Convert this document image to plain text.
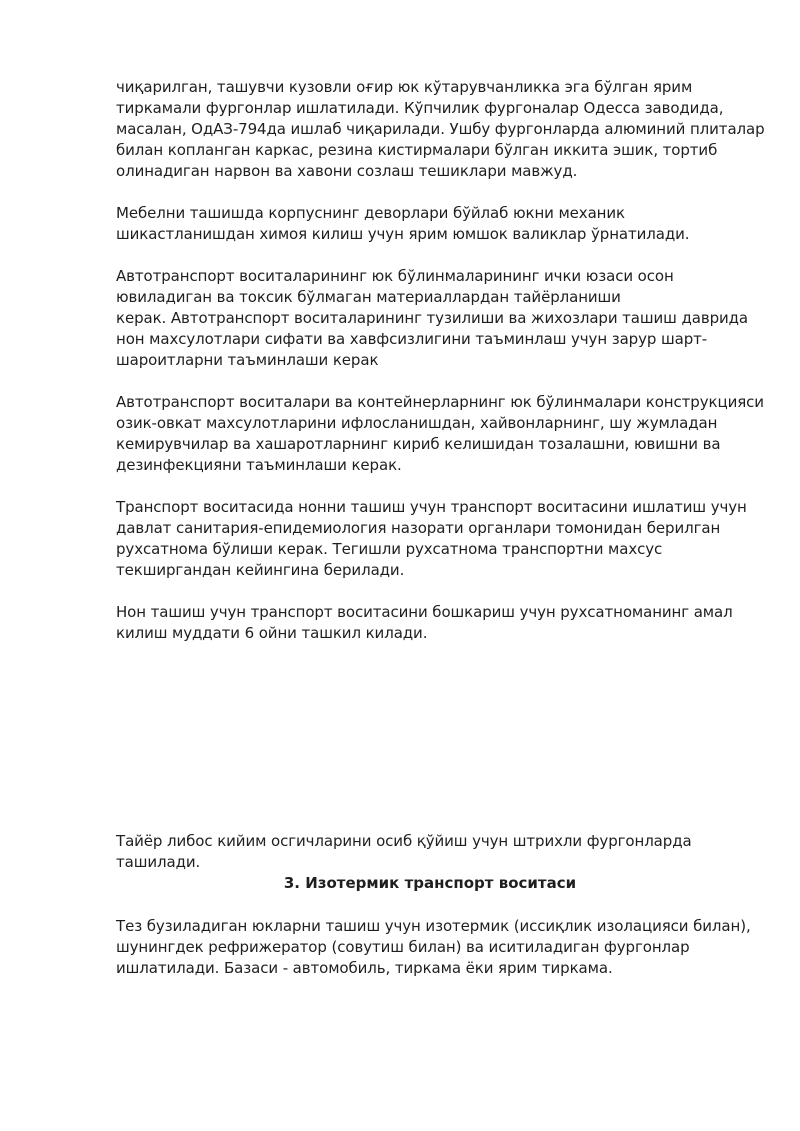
чиқарилган, ташувчи кузовли оғир юк кўтарувчанликка эга бўлган ярим
тиркамали фургонлар ишлатилади. Кўпчилик фургоналар Одесса заводида,
масалан, ОдАЗ-794да ишлаб чиқарилади. Ушбу фургонларда алюминий плиталар
билан копланган каркас, резина кистирмалари бўлган иккита эшик, тортиб
олинадиган нарвон ва хавони созлаш тешиклари мавжуд.

Мебелни ташишда корпуснинг деворлари бўйлаб юкни механик
шикастланишдан химоя килиш учун ярим юмшок валиклар ўрнатилади.

Автотранспорт воситаларининг юк бўлинмаларининг ички юзаси осон
ювиладиган ва токсик бўлмаган материаллардан тайёрланиши
керак. Автотранспорт воситаларининг тузилиши ва жихозлари ташиш даврида
нон махсулотлари сифати ва хавфсизлигини таъминлаш учун зарур шарт-
шароитларни таъминлаши керак

Автотранспорт воситалари ва контейнерларнинг юк бўлинмалари конструкцияси
озик-овкат махсулотларини ифлосланишдан, хайвонларнинг, шу жумладан
кемирувчилар ва хашаротларнинг кириб келишидан тозалашни, ювишни ва
дезинфекцияни таъминлаши керак.

Транспорт воситасида нонни ташиш учун транспорт воситасини ишлатиш учун
давлат санитария-епидемиология назорати органлари томонидан берилган
рухсатнома бўлиши керак. Тегишли рухсатнома транспортни махсус
текширгандан кейингина берилади.

Нон ташиш учун транспорт воситасини бошкариш учун рухсатноманинг амал
килиш муддати 6 ойни ташкил килади.

Тайёр либос кийим осгичларини осиб қўйиш учун штрихли фургонларда
ташилади.

3. Изотермик транспорт воситаси

Тез бузиладиган юкларни ташиш учун изотермик (иссиқлик изолацияси билан),
шунингдек рефрижератор (совутиш билан) ва иситиладиган фургонлар
ишлатилади. Базаси - автомобиль, тиркама ёки ярим тиркама.
